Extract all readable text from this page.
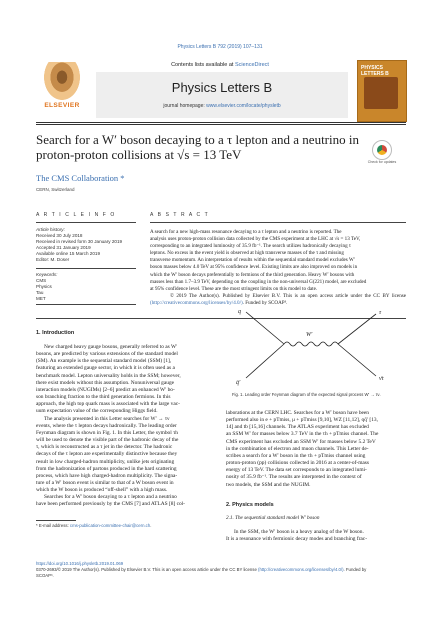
Physics Letters B 792 (2019) 107–131
ELSEVIER
Contents lists available at ScienceDirect
Physics Letters B
journal homepage: www.elsevier.com/locate/physletb
PHYSICS LETTERS B
Search for a W′ boson decaying to a τ lepton and a neutrino in
proton-proton collisions at √s = 13 TeV	Check for updates
The CMS Collaboration *
CERN, Switzerland
A R T I C L E I N F O
Article history:
Received 30 July 2018
Received in revised form 30 January 2019
Accepted 31 January 2019
Available online 15 March 2019
Editor: M. Doser
Keywords:
CMS
Physics
Tau
MET
A B S T R A C T
A search for a new high-mass resonance decaying to a τ lepton and a neutrino is reported. The
analysis uses proton-proton collision data collected by the CMS experiment at the LHC at √s = 13 TeV,
corresponding to an integrated luminosity of 35.9 fb⁻¹. The search utilizes hadronically decaying τ
leptons. No excess in the event yield is observed at high transverse masses of the τ and missing
transverse momentum. An interpretation of results within the sequential standard model excludes W′
boson masses below 4.0 TeV at 95% confidence level. Existing limits are also improved on models in
which the W′ boson decays preferentially to fermions of the third generation. Heavy W′ bosons with
masses less than 1.7–3.9 TeV, depending on the coupling in the non-universal G(221) model, are excluded
at 95% confidence level. These are the most stringent limits on this model to date.
© 2019 The Author(s). Published by Elsevier B.V. This is an open access article under the CC BY license (http://creativecommons.org/licenses/by/4.0/). Funded by SCOAP³.
1. Introduction
New charged heavy gauge bosons, generally referred to as W′
bosons, are predicted by various extensions of the standard model
(SM). An example is the sequential standard model (SSM) [1],
featuring an extended gauge sector, in which it is often used as a
benchmark model. Lepton universality holds in the SSM; however,
there exist models without this assumption. Nonuniversal gauge
interaction models (NUGIMs) [2–6] predict an enhanced W′ bo-
son branching fraction to the third generation fermions. In this
approach, the high top quark mass is associated with the large vac-
uum expectation value of the corresponding Higgs field.
The analysis presented in this Letter searches for W′ → τν
events, where the τ lepton decays hadronically. The leading order
Feynman diagram is shown in Fig. 1. In this Letter, the symbol τh
will be used to denote the visible part of the hadronic decay of the
τ, which is reconstructed as a τ jet in the detector. The hadronic
decays of the τ lepton are experimentally distinctive because they
result in low charged-hadron multiplicity, unlike jets originating
from the hadronization of partons produced in the hard scattering
process, which have high charged-hadron multiplicity. The signa-
ture of a W′ boson event is similar to that of a W boson event in
which the W boson is produced “off-shell” with a high mass.
Searches for a W′ boson decaying to a τ lepton and a neutrino
have been performed previously by the CMS [7] and ATLAS [8] col-
q
q̄′
W′
τ
ν̄τ
Fig. 1. Leading order Feynman diagram of the expected signal process W′ → τν.
laborations at the CERN LHC. Searches for a W′ boson have been
performed also in e + pTmiss, μ + pTmiss [9,10], WZ [11,12], qq̄′ [13,
14] and tb [15,16] channels. The ATLAS experiment has excluded
an SSM W′ for masses below 3.7 TeV in the τh + pTmiss channel. The
CMS experiment has excluded an SSM W′ for masses below 5.2 TeV
in the combination of electron and muon channels. This Letter de-
scribes a search for a W′ boson in the τh + pTmiss channel using
proton-proton (pp) collisions collected in 2016 at a center-of-mass
energy of 13 TeV. The data set corresponds to an integrated lumi-
nosity of 35.9 fb⁻¹. The results are interpreted in the context of
two models, the SSM and the NUGIM.
2. Physics models
2.1. The sequential standard model W′ boson
In the SSM, the W′ boson is a heavy analog of the W boson.
It is a resonance with fermionic decay modes and branching frac-
* E-mail address: cms-publication-committee-chair@cern.ch.
https://doi.org/10.1016/j.physletb.2019.01.069
0370-2693/© 2019 The Author(s). Published by Elsevier B.V. This is an open access article under the CC BY license (http://creativecommons.org/licenses/by/4.0/). Funded by
SCOAP³.
